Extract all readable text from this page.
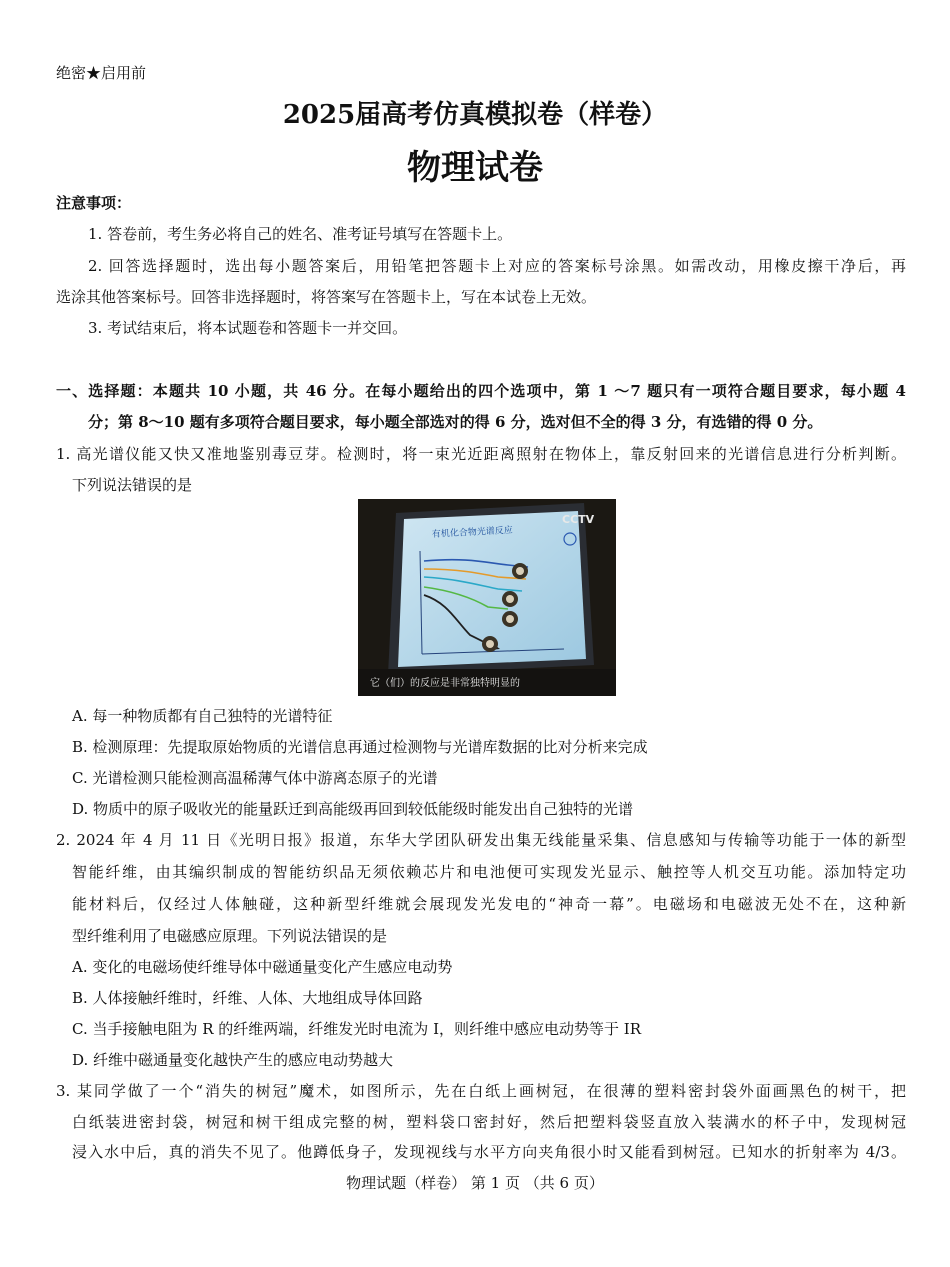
绝密★启用前
2025届高考仿真模拟卷（样卷）
物理试卷
注意事项：
1. 答卷前，考生务必将自己的姓名、准考证号填写在答题卡上。
2. 回答选择题时，选出每小题答案后，用铅笔把答题卡上对应的答案标号涂黑。如需改动，用橡皮擦干净后，再
选涂其他答案标号。回答非选择题时，将答案写在答题卡上，写在本试卷上无效。
3. 考试结束后，将本试题卷和答题卡一并交回。
一、选择题：本题共 10 小题，共 46 分。在每小题给出的四个选项中，第 1 ～7 题只有一项符合题目要求，每小题 4
分；第 8～10 题有多项符合题目要求，每小题全部选对的得 6 分，选对但不全的得 3 分，有选错的得 0 分。
1. 高光谱仪能又快又准地鉴别毒豆芽。检测时，将一束光近距离照射在物体上，靠反射回来的光谱信息进行分析判断。
下列说法错误的是
有机化合物光谱反应
CCTV
它（们）的反应是非常独特明显的
A. 每一种物质都有自己独特的光谱特征
B. 检测原理：先提取原始物质的光谱信息再通过检测物与光谱库数据的比对分析来完成
C. 光谱检测只能检测高温稀薄气体中游离态原子的光谱
D. 物质中的原子吸收光的能量跃迁到高能级再回到较低能级时能发出自己独特的光谱
2. 2024 年 4 月 11 日《光明日报》报道，东华大学团队研发出集无线能量采集、信息感知与传输等功能于一体的新型
智能纤维，由其编织制成的智能纺织品无须依赖芯片和电池便可实现发光显示、触控等人机交互功能。添加特定功
能材料后，仅经过人体触碰，这种新型纤维就会展现发光发电的“神奇一幕”。电磁场和电磁波无处不在，这种新
型纤维利用了电磁感应原理。下列说法错误的是
A. 变化的电磁场使纤维导体中磁通量变化产生感应电动势
B. 人体接触纤维时，纤维、人体、大地组成导体回路
C. 当手接触电阻为 R 的纤维两端，纤维发光时电流为 I，则纤维中感应电动势等于 IR
D. 纤维中磁通量变化越快产生的感应电动势越大
3. 某同学做了一个“消失的树冠”魔术，如图所示，先在白纸上画树冠，在很薄的塑料密封袋外面画黑色的树干，把
白纸装进密封袋，树冠和树干组成完整的树，塑料袋口密封好，然后把塑料袋竖直放入装满水的杯子中，发现树冠
浸入水中后，真的消失不见了。他蹲低身子，发现视线与水平方向夹角很小时又能看到树冠。已知水的折射率为 4/3。
物理试题（样卷） 第 1 页 （共 6 页）
